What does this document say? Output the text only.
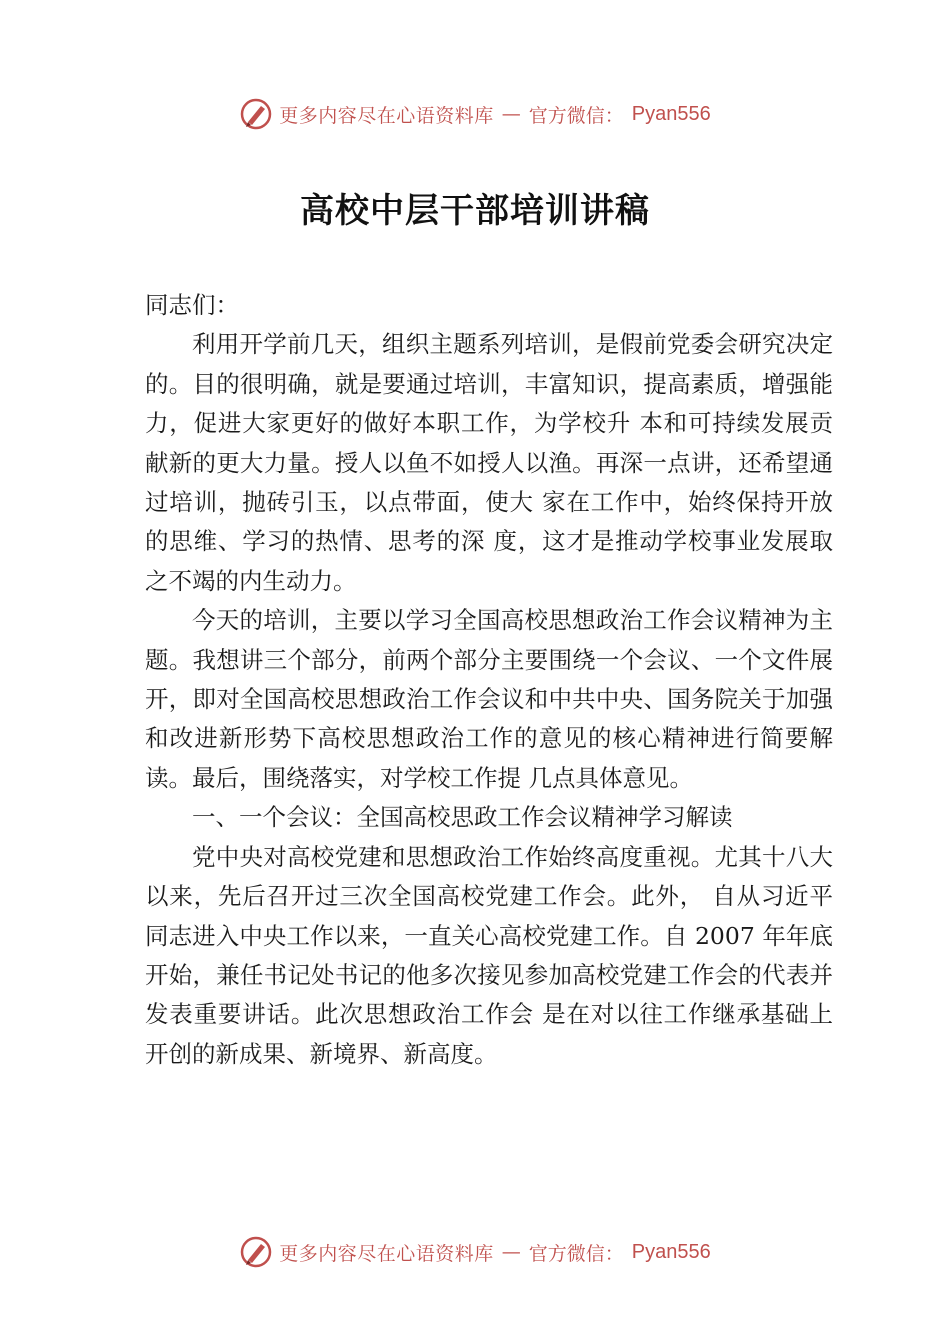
更多内容尽在心语资料库 — 官方微信： Pyan556
高校中层干部培训讲稿

同志们：

利用开学前几天，组织主题系列培训，是假前党委会研究决定的。目的很明确，就是要通过培训，丰富知识，提高素质，增强能力，促进大家更好的做好本职工作，为学校升 本和可持续发展贡献新的更大力量。授人以鱼不如授人以渔。再深一点讲，还希望通过培训，抛砖引玉，以点带面，使大 家在工作中，始终保持开放的思维、学习的热情、思考的深 度，这才是推动学校事业发展取之不竭的内生动力。

今天的培训，主要以学习全国高校思想政治工作会议精神为主题。我想讲三个部分，前两个部分主要围绕一个会议、一个文件展开，即对全国高校思想政治工作会议和中共中央、国务院关于加强和改进新形势下高校思想政治工作的意见的核心精神进行简要解读。最后，围绕落实，对学校工作提 几点具体意见。

一、一个会议：全国高校思政工作会议精神学习解读

党中央对高校党建和思想政治工作始终高度重视。尤其十八大以来，先后召开过三次全国高校党建工作会。此外， 自从习近平同志进入中央工作以来，一直关心高校党建工作。自 2007 年年底开始，兼任书记处书记的他多次接见参加高校党建工作会的代表并发表重要讲话。此次思想政治工作会 是在对以往工作继承基础上开创的新成果、新境界、新高度。

更多内容尽在心语资料库 — 官方微信： Pyan556
